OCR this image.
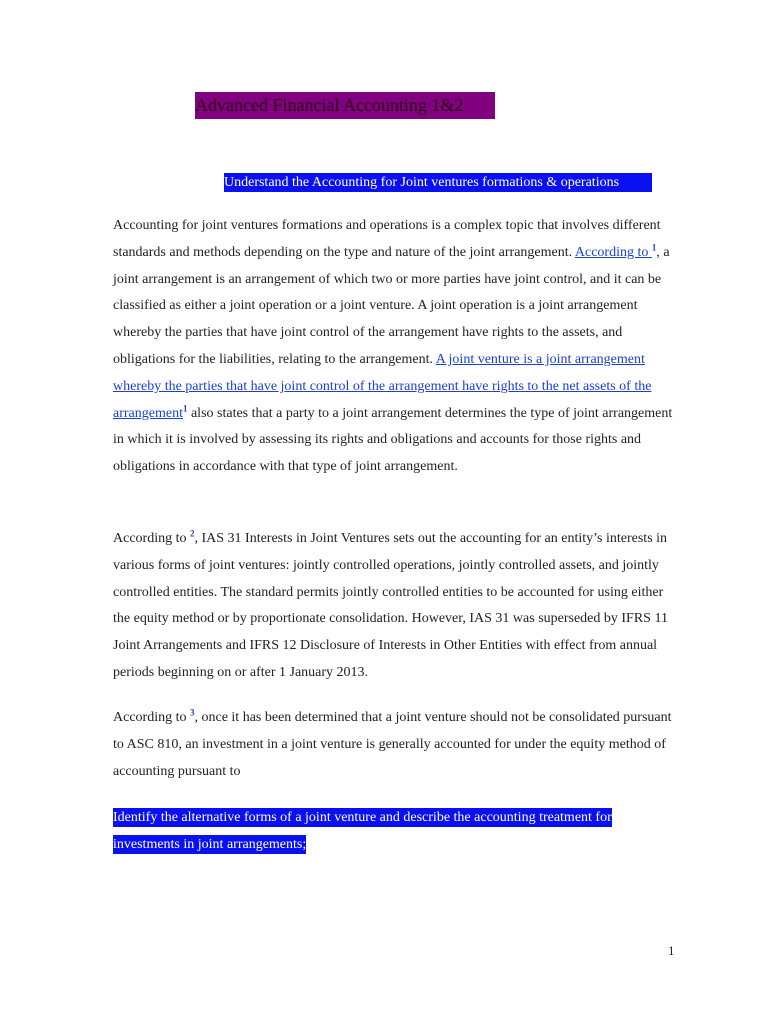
Advanced Financial Accounting 1&2
Understand the Accounting for Joint ventures formations & operations

Accounting for joint ventures formations and operations is a complex topic that involves different standards and methods depending on the type and nature of the joint arrangement. According to $^1$, a joint arrangement is an arrangement of which two or more parties have joint control, and it can be classified as either a joint operation or a joint venture. A joint operation is a joint arrangement whereby the parties that have joint control of the arrangement have rights to the assets, and obligations for the liabilities, relating to the arrangement. A joint venture is a joint arrangement whereby the parties that have joint control of the arrangement have rights to the net assets of the arrangement$^1$ also states that a party to a joint arrangement determines the type of joint arrangement in which it is involved by assessing its rights and obligations and accounts for those rights and obligations in accordance with that type of joint arrangement.

According to $^2$, IAS 31 Interests in Joint Ventures sets out the accounting for an entity’s interests in various forms of joint ventures: jointly controlled operations, jointly controlled assets, and jointly controlled entities. The standard permits jointly controlled entities to be accounted for using either the equity method or by proportionate consolidation. However, IAS 31 was superseded by IFRS 11 Joint Arrangements and IFRS 12 Disclosure of Interests in Other Entities with effect from annual periods beginning on or after 1 January 2013.

According to $^3$, once it has been determined that a joint venture should not be consolidated pursuant to ASC 810, an investment in a joint venture is generally accounted for under the equity method of accounting pursuant to

Identify the alternative forms of a joint venture and describe the accounting treatment for investments in joint arrangements;
1
